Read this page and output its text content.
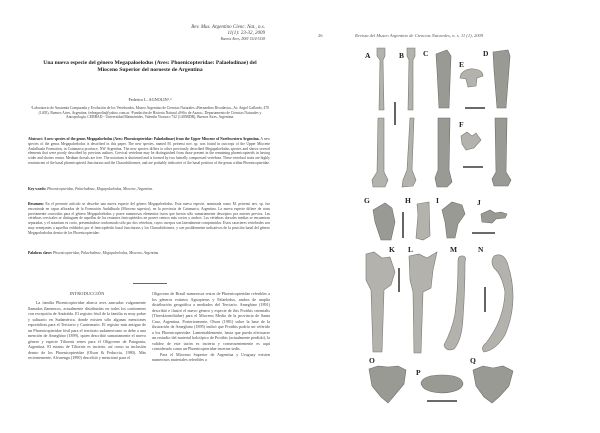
Rev. Mus. Argentino Cienc. Nat., n.s.
11(1): 23-32, 2009
Buenos Aires, ISSN 1514-5158
Una nueva especie del género Megapaloelodus (Aves: Phoenicopteridae: Palaelodinae) del Mioceno Superior del noroeste de Argentina
Federico L. AGNOLIN¹˒²
¹Laboratorio de Anatomía Comparada y Evolución de los Vertebrados, Museo Argentino de Ciencias Naturales «Bernardino Rivadavia», Av. Angel Gallardo, 470 (1405), Buenos Aires, Argentina. fedeagnolin@yahoo.com.ar. ²Fundación de Historia Natural «Félix de Azara», Departamento de Ciencias Naturales y Antropología, CEBBAD - Universidad Maimónides, Valentín Virasoro 732 (1405BDB), Buenos Aires, Argentina.
Abstract: A new species of the genus Megapaloelodus (Aves: Phoenicopteridae: Palaelodinae) from the Upper Miocene of Northwestern Argentina. A new species of the genus Megapaloelodus is described in this paper. The new species, named M. peirensi nov. sp. was found in outcrops of the Upper Miocene Andalhuala Formation, in Catamarca province, NW Argentina. The new species differs to other previously described Megapaloelodus species and shows several elements that were poorly described by previous authors. Cervical vertebrae may be distinguished from those present in the remaining phoenicopterids in having wider and shorter centra. Medium dorsals are free. The notarium is shortened and is formed by two laterally compressed vertebrae. These vertebral traits are highly reminiscent of the basal phoenicopterid Juncitarsus and the Charadriiformes, and are probably indicative of the basal position of the genus within Phoenicopteridae.
Key words: Phoenicopteridae, Palaelodinae, Megapaloelodus, Miocene, Argentina.
Resumen: En el presente artículo se describe una nueva especie del género Megapaloelodus. Esta nueva especie, nominada como M. peirensi nov. sp. fue encontrada en capas afloradas de la Formación Andalhuala (Mioceno superior), en la provincia de Catamarca, Argentina. La nueva especie difiere de otras previamente conocidas para el género Megapaloelodus y posee numerosos elementos óseos que fueron sólo sumariamente descriptos por autores previos. Las vértebras cervicales se distinguen de aquellas de los restantes fenicoptéridos en poseer centros más cortos y anchos. Las vértebras dorsales medias se encuentran separadas, y el notarium es corto, presentándose conformado sólo por dos vértebras, cuyos cuerpos son lateralmente comprimidos. Estos caracteres vertebrales son muy semejantes a aquellos exhibidos por el fenicoptérido basal Juncitarsus y los Charadriiformes, y son posiblemente indicativos de la posición basal del género Megapaloelodus dentro de los Phoenicopteridae.
Palabras clave: Phoenicopteridae, Palaelodinae, Megapaloelodus, Mioceno, Argentina.
INTRODUCCIÓN

La familia Phoenicopteridae abarca aves zancudas vulgarmente llamadas flamencos, actualmente distribuidas en todos los continentes con excepción de Antártida. El registro fósil de la familia es muy pobre y saltuario en Sudamérica, donde existen sólo algunas menciones esporádicas para el Terciario y Cuaternario. El registro más antiguo de un Phoenicopteridae fósil para el territorio sudamericano se debe a una mención de Ameghino (1899), quien describió sumariamente el nuevo género y especie Tiliornis senex para el Oligoceno de Patagonia, Argentina. El estatus de Tiliornis es incierto, así como su inclusión dentro de los Phoenicopteridae (Olson & Feduccia, 1980). Más recientemente, Alvarenga (1990) describió y mencionó para el

Oligoceno de Brasil numerosos restos de Phoenicopteridae referibles a los géneros extintos Agnopterus y Palaelodus, ambos de amplia distribución geográfica a mediados del Terciario. Ameghino (1891) describió e ilustró el nuevo género y especie de ibis Protibis cnemialis (Threskiornithidae) para el Mioceno Medio de la provincia de Santa Cruz, Argentina. Posteriormente, Olson (1981) sobre la base de la ilustración de Ameghino (1895) indicó que Protibis podría ser referido a los Phoenicopteridae. Lamentablemente, hasta que pueda efectuarse un restudio del material holotípico de Protibis (actualmente perdido), la validez de este taxón es incierta y consecuentemente es aquí considerado como un Phoenicopteridae incertae sedis.

Para el Mioceno Superior de Argentina y Uruguay existen numerosos materiales referibles a

26	Revista del Museo Argentino de Ciencias Naturales, n. s. 11 (1), 2009
A	B	C	D
E
F
G	H	I	J
K L	M	N
O
P
Q
